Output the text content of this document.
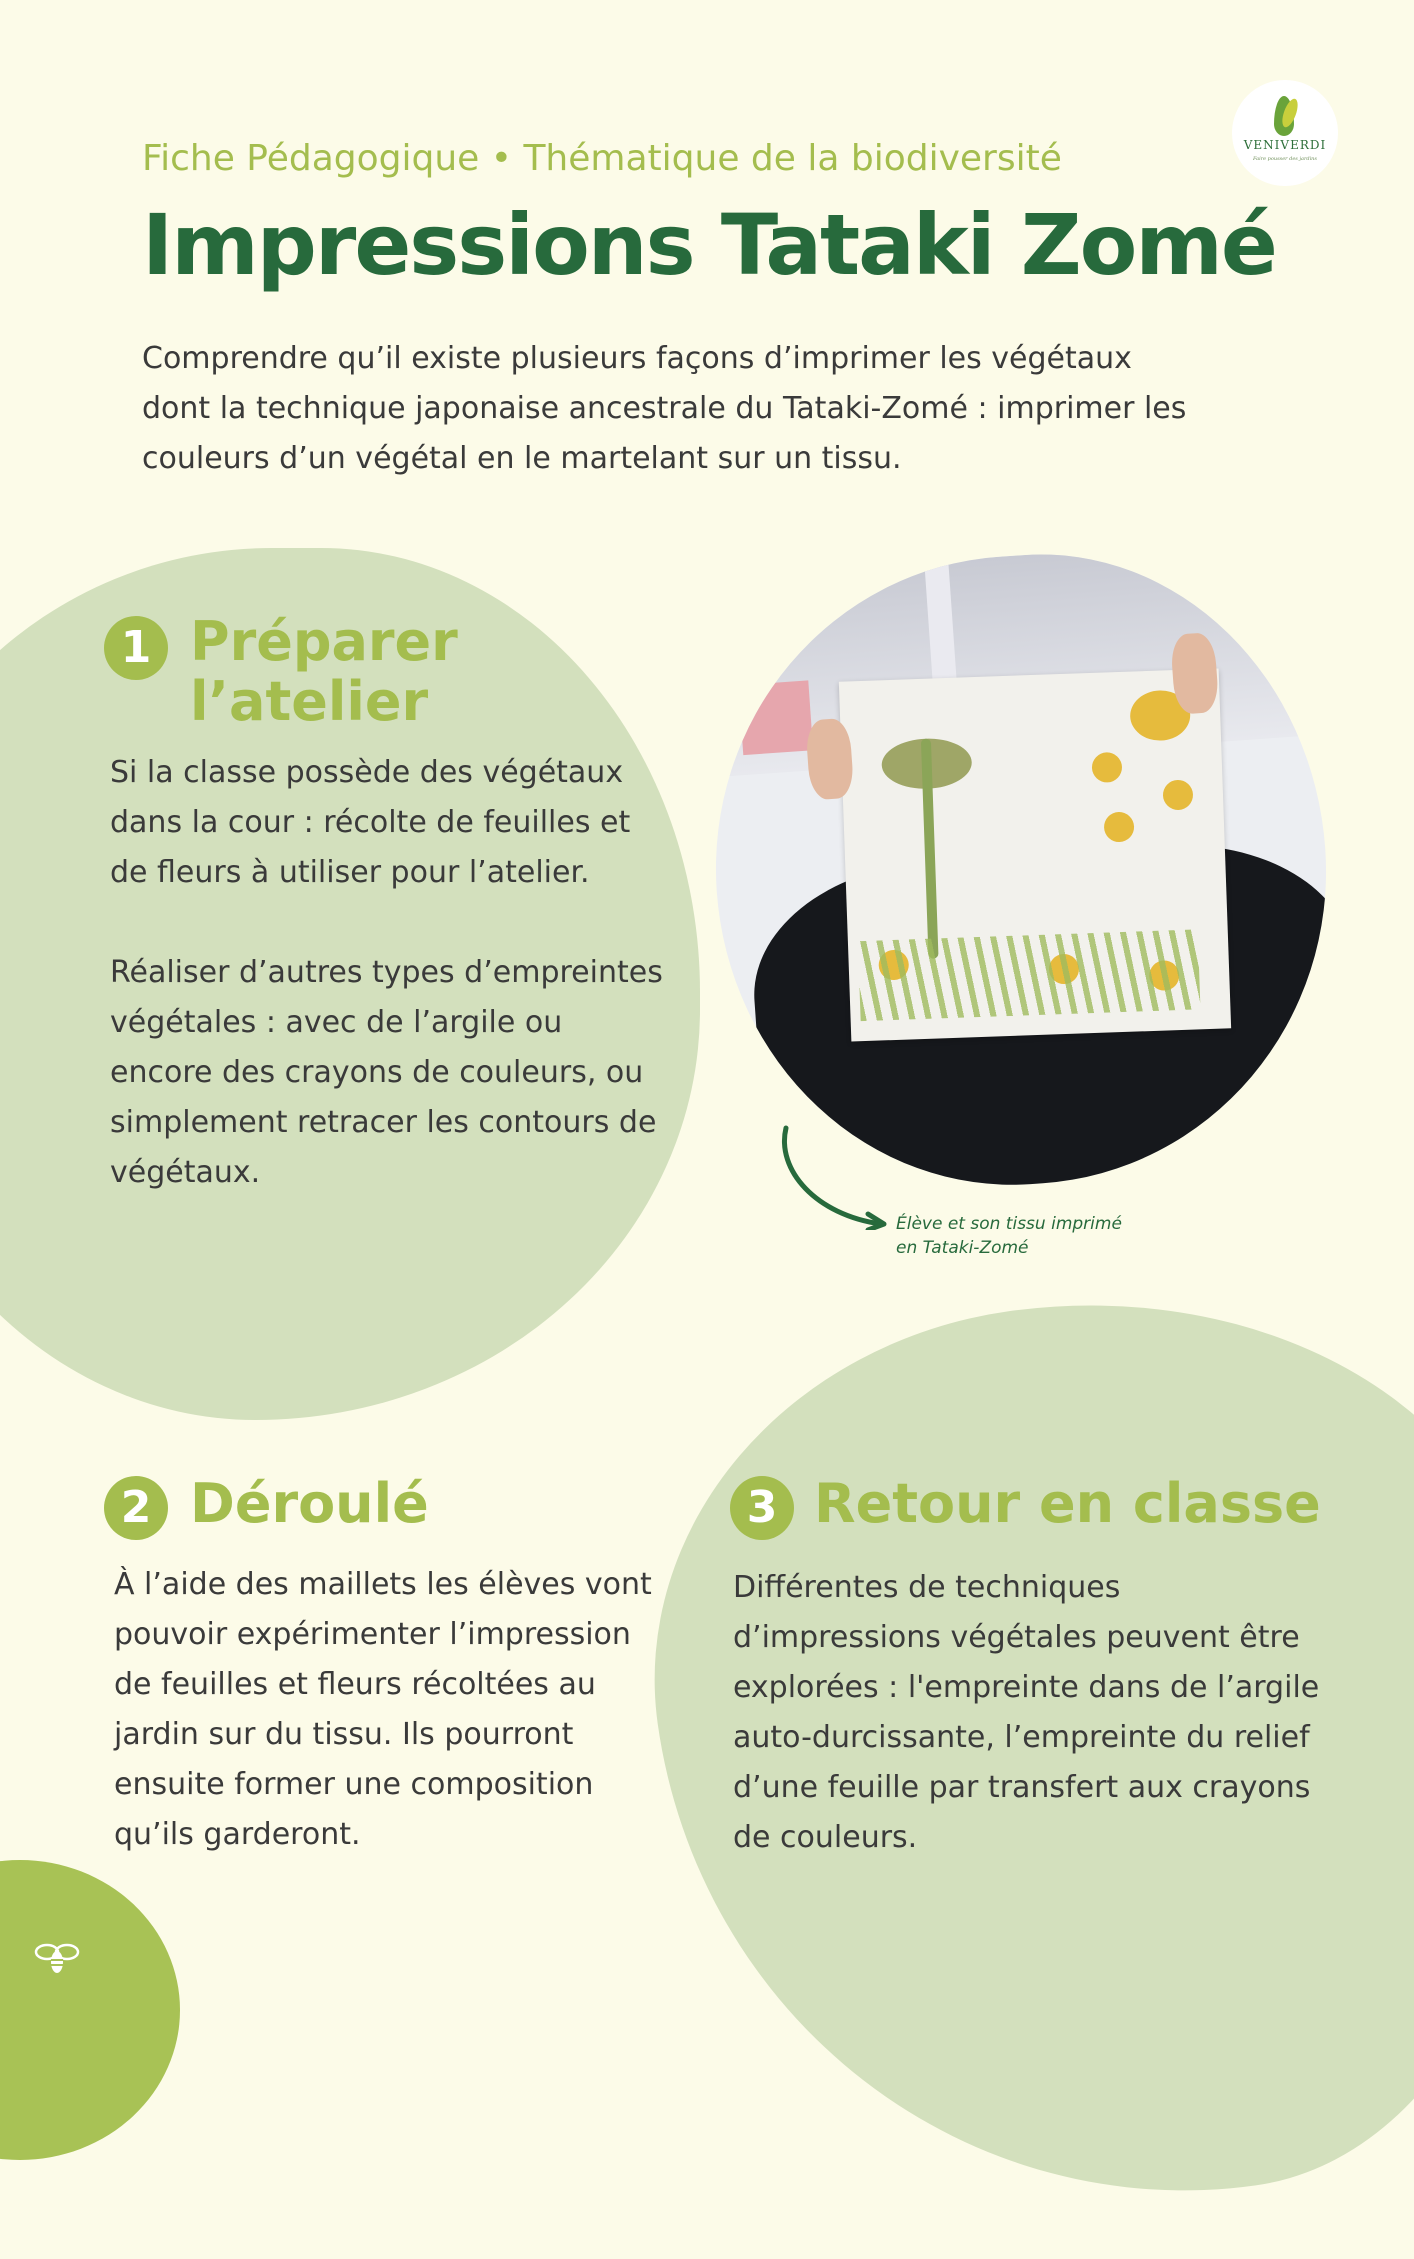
VENIVERDI
Faire pousser des jardins
Fiche Pédagogique • Thématique de la biodiversité
Impressions Tataki Zomé
Comprendre qu’il existe plusieurs façons d’imprimer les végétaux dont la technique japonaise ancestrale du Tataki-Zomé : imprimer les couleurs d’un végétal en le martelant sur un tissu.
1 Préparer
l’atelier
Si la classe possède des végétaux dans la cour : récolte de feuilles et de fleurs à utiliser pour l’atelier.
Réaliser d’autres types d’empreintes végétales : avec de l’argile ou encore des crayons de couleurs, ou simplement retracer les contours de végétaux.
Élève et son tissu imprimé
en Tataki-Zomé
2 Déroulé
À l’aide des maillets les élèves vont pouvoir expérimenter l’impression de feuilles et fleurs récoltées au jardin sur du tissu. Ils pourront ensuite former une composition qu’ils garderont.
3 Retour en classe
Différentes de techniques d’impressions végétales peuvent être explorées : l'empreinte dans de l’argile auto-durcissante, l’empreinte du relief d’une feuille par transfert aux crayons de couleurs.
